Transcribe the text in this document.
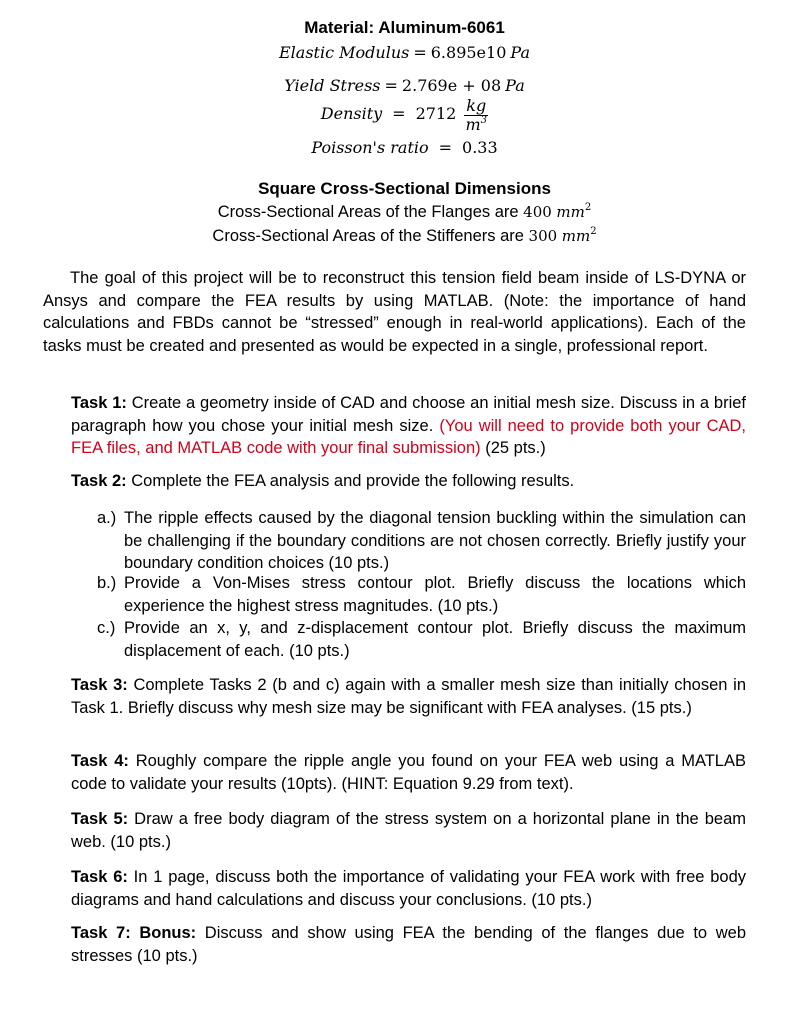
Material: Aluminum-6061
Elastic Modulus = 6.895e10 Pa
Yield Stress = 2.769e + 08 Pa
Density = $2712 \frac{kg}{m^3}$
Poisson's ratio = 0.33
Square Cross-Sectional Dimensions
Cross-Sectional Areas of the Flanges are 400 $mm^2$
Cross-Sectional Areas of the Stiffeners are 300 $mm^2$
The goal of this project will be to reconstruct this tension field beam inside of LS-DYNA or Ansys and compare the FEA results by using MATLAB. (Note: the importance of hand calculations and FBDs cannot be “stressed” enough in real-world applications). Each of the tasks must be created and presented as would be expected in a single, professional report.
Task 1: Create a geometry inside of CAD and choose an initial mesh size. Discuss in a brief paragraph how you chose your initial mesh size. (You will need to provide both your CAD, FEA files, and MATLAB code with your final submission) (25 pts.)
Task 2: Complete the FEA analysis and provide the following results.
a.) The ripple effects caused by the diagonal tension buckling within the simulation can be challenging if the boundary conditions are not chosen correctly. Briefly justify your boundary condition choices (10 pts.)
b.) Provide a Von-Mises stress contour plot. Briefly discuss the locations which experience the highest stress magnitudes. (10 pts.)
c.) Provide an x, y, and z-displacement contour plot. Briefly discuss the maximum displacement of each. (10 pts.)
Task 3: Complete Tasks 2 (b and c) again with a smaller mesh size than initially chosen in Task 1. Briefly discuss why mesh size may be significant with FEA analyses. (15 pts.)
Task 4: Roughly compare the ripple angle you found on your FEA web using a MATLAB code to validate your results (10pts). (HINT: Equation 9.29 from text).
Task 5: Draw a free body diagram of the stress system on a horizontal plane in the beam web. (10 pts.)
Task 6: In 1 page, discuss both the importance of validating your FEA work with free body diagrams and hand calculations and discuss your conclusions. (10 pts.)
Task 7: Bonus: Discuss and show using FEA the bending of the flanges due to web stresses (10 pts.)
